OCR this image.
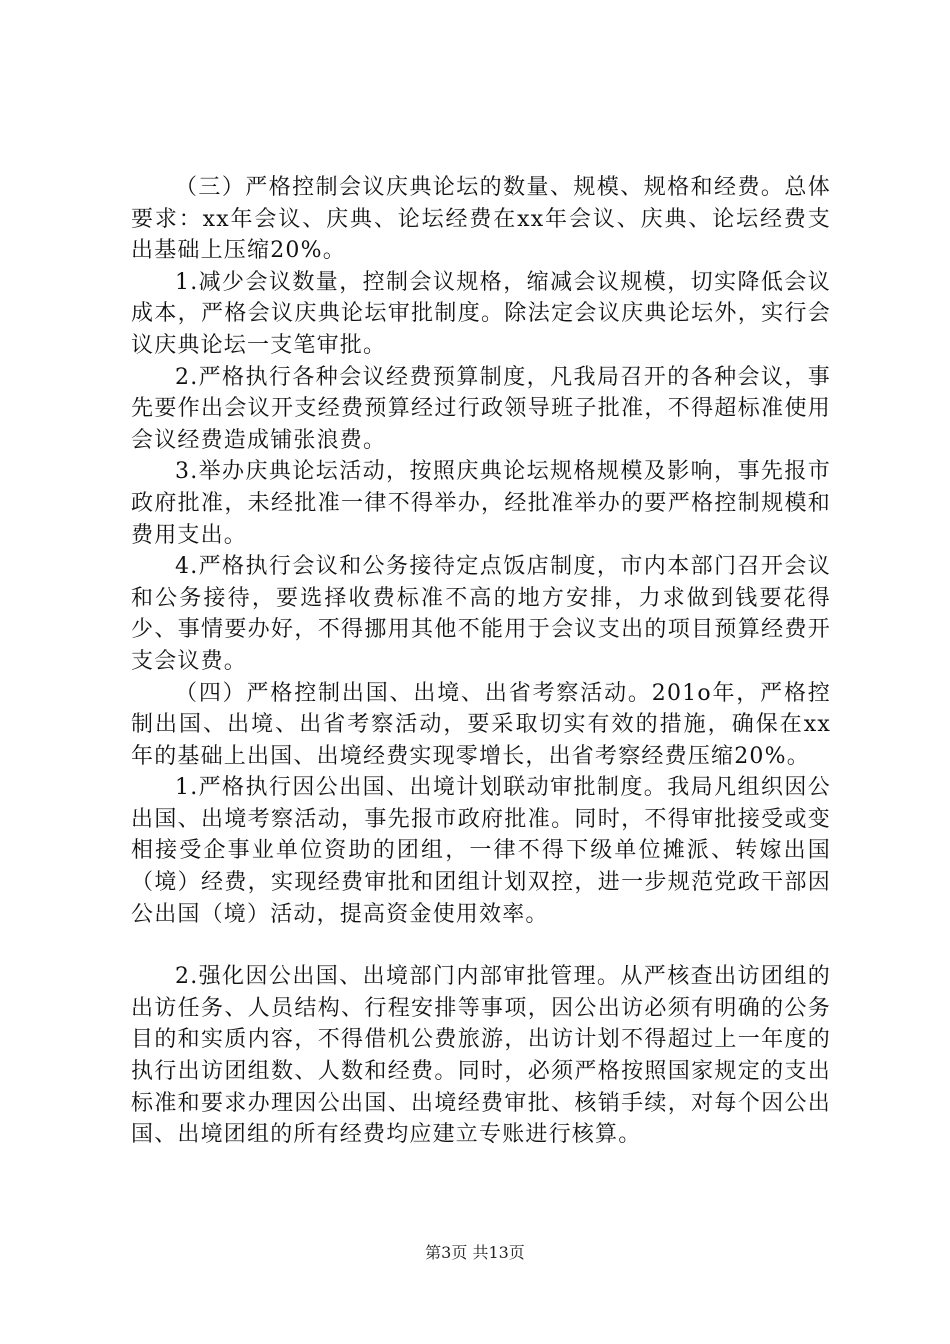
（三）严格控制会议庆典论坛的数量、规模、规格和经费。总体要求：xx年会议、庆典、论坛经费在xx年会议、庆典、论坛经费支出基础上压缩20%。

1.减少会议数量，控制会议规格，缩减会议规模，切实降低会议成本，严格会议庆典论坛审批制度。除法定会议庆典论坛外，实行会议庆典论坛一支笔审批。

2.严格执行各种会议经费预算制度，凡我局召开的各种会议，事先要作出会议开支经费预算经过行政领导班子批准，不得超标准使用会议经费造成铺张浪费。

3.举办庆典论坛活动，按照庆典论坛规格规模及影响，事先报市政府批准，未经批准一律不得举办，经批准举办的要严格控制规模和费用支出。

4.严格执行会议和公务接待定点饭店制度，市内本部门召开会议和公务接待，要选择收费标准不高的地方安排，力求做到钱要花得少、事情要办好，不得挪用其他不能用于会议支出的项目预算经费开支会议费。

（四）严格控制出国、出境、出省考察活动。201o年，严格控制出国、出境、出省考察活动，要采取切实有效的措施，确保在xx年的基础上出国、出境经费实现零增长，出省考察经费压缩20%。

1.严格执行因公出国、出境计划联动审批制度。我局凡组织因公出国、出境考察活动，事先报市政府批准。同时，不得审批接受或变相接受企事业单位资助的团组，一律不得下级单位摊派、转嫁出国（境）经费，实现经费审批和团组计划双控，进一步规范党政干部因公出国（境）活动，提高资金使用效率。

2.强化因公出国、出境部门内部审批管理。从严核查出访团组的出访任务、人员结构、行程安排等事项，因公出访必须有明确的公务目的和实质内容，不得借机公费旅游，出访计划不得超过上一年度的执行出访团组数、人数和经费。同时，必须严格按照国家规定的支出标准和要求办理因公出国、出境经费审批、核销手续，对每个因公出国、出境团组的所有经费均应建立专账进行核算。

第3页 共13页
